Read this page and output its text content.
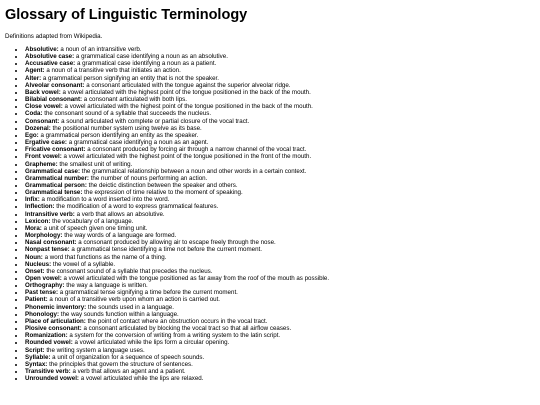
Glossary of Linguistic Terminology

Definitions adapted from Wikipedia.

• Absolutive: a noun of an intransitive verb.
• Absolutive case: a grammatical case identifying a noun as an absolutive.
• Accusative case: a grammatical case identifying a noun as a patient.
• Agent: a noun of a transitive verb that initiates an action.
• Alter: a grammatical person signifying an entity that is not the speaker.
• Alveolar consonant: a consonant articulated with the tongue against the superior alveolar ridge.
• Back vowel: a vowel articulated with the highest point of the tongue positioned in the back of the mouth.
• Bilabial consonant: a consonant articulated with both lips.
• Close vowel: a vowel articulated with the highest point of the tongue positioned in the back of the mouth.
• Coda: the consonant sound of a syllable that succeeds the nucleus.
• Consonant: a sound articulated with complete or partial closure of the vocal tract.
• Dozenal: the positional number system using twelve as its base.
• Ego: a grammatical person identifying an entity as the speaker.
• Ergative case: a grammatical case identifying a noun as an agent.
• Fricative consonant: a consonant produced by forcing air through a narrow channel of the vocal tract.
• Front vowel: a vowel articulated with the highest point of the tongue positioned in the front of the mouth.
• Grapheme: the smallest unit of writing.
• Grammatical case: the grammatical relationship between a noun and other words in a certain context.
• Grammatical number: the number of nouns performing an action.
• Grammatical person: the deictic distinction between the speaker and others.
• Grammatical tense: the expression of time relative to the moment of speaking.
• Infix: a modification to a word inserted into the word.
• Inflection: the modification of a word to express grammatical features.
• Intransitive verb: a verb that allows an absolutive.
• Lexicon: the vocabulary of a language.
• Mora: a unit of speech given one timing unit.
• Morphology: the way words of a language are formed.
• Nasal consonant: a consonant produced by allowing air to escape freely through the nose.
• Nonpast tense: a grammatical tense identifying a time not before the current moment.
• Noun: a word that functions as the name of a thing.
• Nucleus: the vowel of a syllable.
• Onset: the consonant sound of a syllable that precedes the nucleus.
• Open vowel: a vowel articulated with the tongue positioned as far away from the roof of the mouth as possible.
• Orthography: the way a language is written.
• Past tense: a grammatical tense signifying a time before the current moment.
• Patient: a noun of a transitive verb upon whom an action is carried out.
• Phonemic inventory: the sounds used in a language.
• Phonology: the way sounds function within a language.
• Place of articulation: the point of contact where an obstruction occurs in the vocal tract.
• Plosive consonant: a consonant articulated by blocking the vocal tract so that all airflow ceases.
• Romanization: a system for the conversion of writing from a writing system to the latin script.
• Rounded vowel: a vowel articulated while the lips form a circular opening.
• Script: the writing system a language uses.
• Syllable: a unit of organization for a sequence of speech sounds.
• Syntax: the principles that govern the structure of sentences.
• Transitive verb: a verb that allows an agent and a patient.
• Unrounded vowel: a vowel articulated while the lips are relaxed.
